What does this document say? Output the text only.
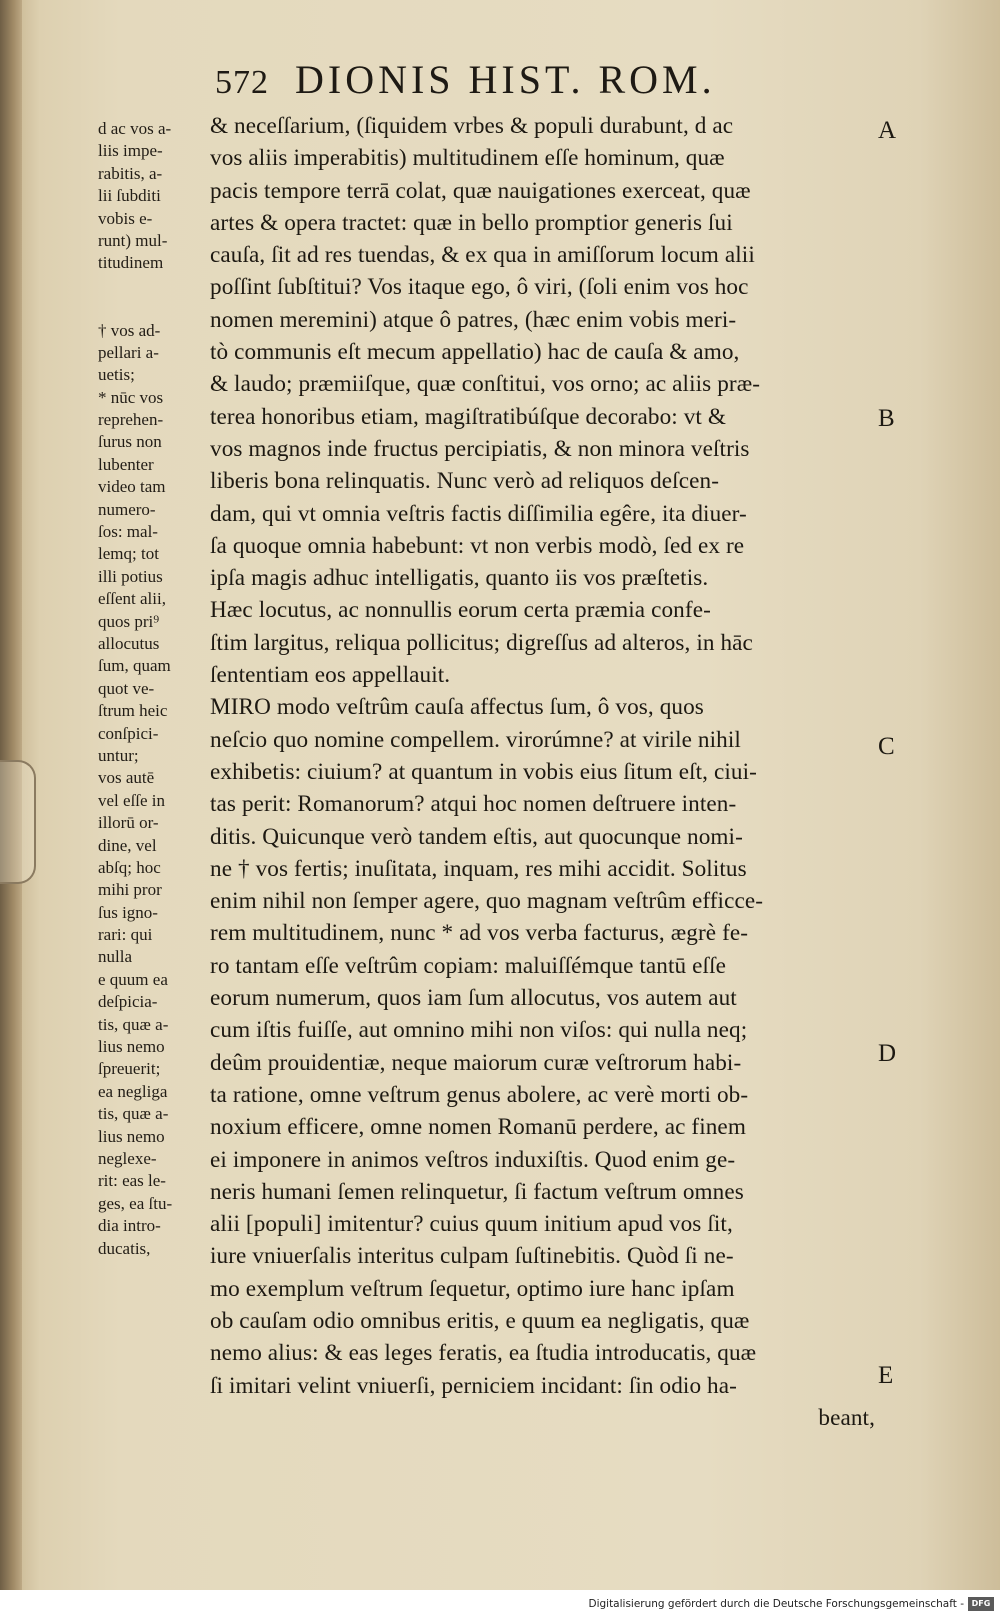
572 DIONIS HIST. ROM.
d ac vos a-
liis impe-
rabitis, a-
lii ſubditi
vobis e-
runt) mul-
titudinem
† vos ad-
pellari a-
uetis;
* nūc vos
reprehen-
ſurus non
lubenter
video tam
numero-
ſos: mal-
lemq; tot
illi potius
eſſent alii,
quos pri⁹
allocutus
ſum, quam
quot ve-
ſtrum heic
conſpici-
untur;
vos autē
vel eſſe in
illorū or-
dine, vel
abſq; hoc
mihi pror
ſus igno-
rari: qui
nulla
e quum ea
deſpicia-
tis, quæ a-
lius nemo
ſpreuerit;
ea negliga
tis, quæ a-
lius nemo
neglexe-
rit: eas le-
ges, ea ſtu-
dia intro-
ducatis,
& neceſſarium, (ſiquidem vrbes & populi durabunt, d ac
vos aliis imperabitis) multitudinem eſſe hominum, quæ
pacis tempore terrā colat, quæ nauigationes exerceat, quæ
artes & opera tractet: quæ in bello promptior generis ſui
cauſa, ſit ad res tuendas, & ex qua in amiſſorum locum alii
poſſint ſubſtitui? Vos itaque ego, ô viri, (ſoli enim vos hoc
nomen meremini) atque ô patres, (hæc enim vobis meri-
tò communis eſt mecum appellatio) hac de cauſa & amo,
& laudo; præmiiſque, quæ conſtitui, vos orno; ac aliis præ-
terea honoribus etiam, magiſtratibúſque decorabo: vt &
vos magnos inde fructus percipiatis, & non minora veſtris
liberis bona relinquatis. Nunc verò ad reliquos deſcen-
dam, qui vt omnia veſtris factis diſſimilia egêre, ita diuer-
ſa quoque omnia habebunt: vt non verbis modò, ſed ex re
ipſa magis adhuc intelligatis, quanto iis vos præſtetis.
Hæc locutus, ac nonnullis eorum certa præmia confe-
ſtim largitus, reliqua pollicitus; digreſſus ad alteros, in hāc
ſententiam eos appellauit.
MIRO modo veſtrûm cauſa affectus ſum, ô vos, quos
neſcio quo nomine compellem. virorúmne? at virile nihil
exhibetis: ciuium? at quantum in vobis eius ſitum eſt, ciui-
tas perit: Romanorum? atqui hoc nomen deſtruere inten-
ditis. Quicunque verò tandem eſtis, aut quocunque nomi-
ne † vos fertis; inuſitata, inquam, res mihi accidit. Solitus
enim nihil non ſemper agere, quo magnam veſtrûm efficce-
rem multitudinem, nunc * ad vos verba facturus, ægrè fe-
ro tantam eſſe veſtrûm copiam: maluiſſémque tantū eſſe
eorum numerum, quos iam ſum allocutus, vos autem aut
cum iſtis fuiſſe, aut omnino mihi non viſos: qui nulla neq;
deûm prouidentiæ, neque maiorum curæ veſtrorum habi-
ta ratione, omne veſtrum genus abolere, ac verè morti ob-
noxium efficere, omne nomen Romanū perdere, ac finem
ei imponere in animos veſtros induxiſtis. Quod enim ge-
neris humani ſemen relinquetur, ſi factum veſtrum omnes
alii [populi] imitentur? cuius quum initium apud vos ſit,
iure vniuerſalis interitus culpam ſuſtinebitis. Quòd ſi ne-
mo exemplum veſtrum ſequetur, optimo iure hanc ipſam
ob cauſam odio omnibus eritis, e quum ea negligatis, quæ
nemo alius: & eas leges feratis, ea ſtudia introducatis, quæ
ſi imitari velint vniuerſi, perniciem incidant: ſin odio ha-
beant,
A
B
C
D
E
Digitalisierung gefördert durch die Deutsche Forschungsgemeinschaft - DFG
